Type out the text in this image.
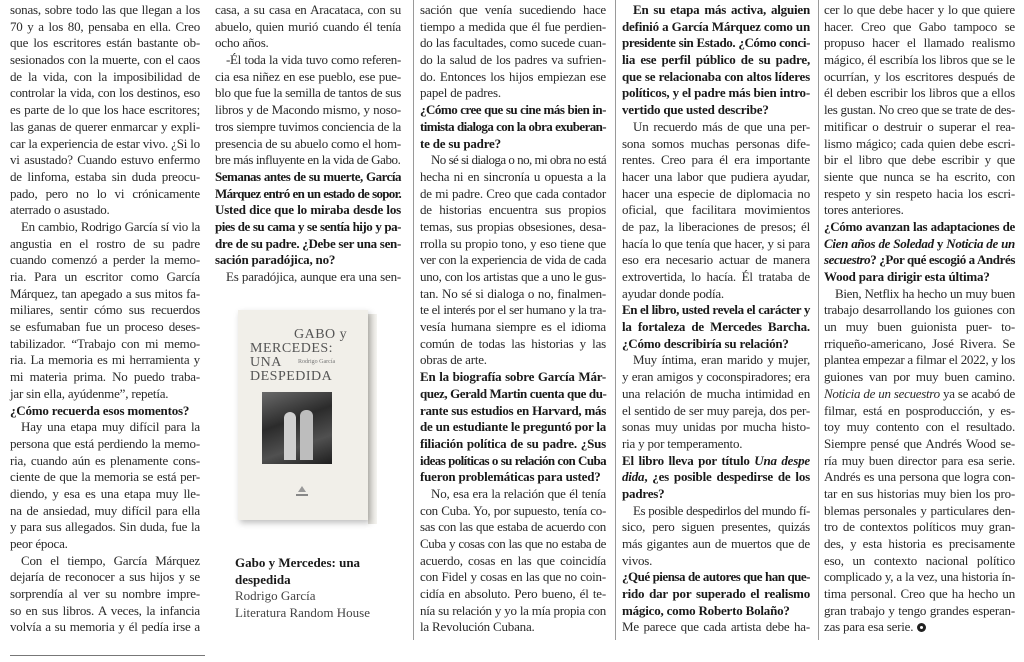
sonas, sobre todo las que llegan a los
70 y a los 80, pensaba en ella. Creo
que los escritores están bastante ob-
sesionados con la muerte, con el caos
de la vida, con la imposibilidad de
controlar la vida, con los destinos, eso
es parte de lo que los hace escritores;
las ganas de querer enmarcar y expli-
car la experiencia de estar vivo. ¿Si lo
vi asustado? Cuando estuvo enfermo
de linfoma, estaba sin duda preocu-
pado, pero no lo vi crónicamente
aterrado o asustado.
En cambio, Rodrigo García sí vio la
angustia en el rostro de su padre
cuando comenzó a perder la memo-
ria. Para un escritor como García
Márquez, tan apegado a sus mitos fa-
miliares, sentir cómo sus recuerdos
se esfumaban fue un proceso deses-
tabilizador. “Trabajo con mi memo-
ria. La memoria es mi herramienta y
mi materia prima. No puedo traba-
jar sin ella, ayúdenme”, repetía.
¿Cómo recuerda esos momentos?
Hay una etapa muy difícil para la
persona que está perdiendo la memo-
ria, cuando aún es plenamente cons-
ciente de que la memoria se está per-
diendo, y esa es una etapa muy lle-
na de ansiedad, muy difícil para ella
y para sus allegados. Sin duda, fue la
peor época.
Con el tiempo, García Márquez
dejaría de reconocer a sus hijos y se
sorprendía al ver su nombre impre-
so en sus libros. A veces, la infancia
volvía a su memoria y él pedía irse a
casa, a su casa en Aracataca, con su
abuelo, quien murió cuando él tenía
ocho años.
-Él toda la vida tuvo como referen-
cia esa niñez en ese pueblo, ese pue-
blo que fue la semilla de tantos de sus
libros y de Macondo mismo, y noso-
tros siempre tuvimos conciencia de la
presencia de su abuelo como el hom-
bre más influyente en la vida de Gabo.
Semanas antes de su muerte, García
Márquez entró en un estado de sopor.
Usted dice que lo miraba desde los
pies de su cama y se sentía hijo y pa-
dre de su padre. ¿Debe ser una sen-
sación paradójica, no?
Es paradójica, aunque era una sen-
sación que venía sucediendo hace
tiempo a medida que él fue perdien-
do las facultades, como sucede cuan-
do la salud de los padres va sufrien-
do. Entonces los hijos empiezan ese
papel de padres.
¿Cómo cree que su cine más bien in-
timista dialoga con la obra exuberan-
te de su padre?
No sé si dialoga o no, mi obra no está
hecha ni en sincronía u opuesta a la
de mi padre. Creo que cada contador
de historias encuentra sus propios
temas, sus propias obsesiones, desa-
rrolla su propio tono, y eso tiene que
ver con la experiencia de vida de cada
uno, con los artistas que a uno le gus-
tan. No sé si dialoga o no, finalmen-
te el interés por el ser humano y la tra-
vesía humana siempre es el idioma
común de todas las historias y las
obras de arte.
En la biografía sobre García Már-
quez, Gerald Martin cuenta que du-
rante sus estudios en Harvard, más
de un estudiante le preguntó por la
filiación política de su padre. ¿Sus
ideas políticas o su relación con Cuba
fueron problemáticas para usted?
No, esa era la relación que él tenía
con Cuba. Yo, por supuesto, tenía co-
sas con las que estaba de acuerdo con
Cuba y cosas con las que no estaba de
acuerdo, cosas en las que coincidía
con Fidel y cosas en las que no coin-
cidía en absoluto. Pero bueno, él te-
nía su relación y yo la mía propia con
la Revolución Cubana.
En su etapa más activa, alguien
definió a García Márquez como un
presidente sin Estado. ¿Cómo conci-
lia ese perfil público de su padre,
que se relacionaba con altos líderes
políticos, y el padre más bien intro-
vertido que usted describe?
Un recuerdo más de que una per-
sona somos muchas personas dife-
rentes. Creo para él era importante
hacer una labor que pudiera ayudar,
hacer una especie de diplomacia no
oficial, que facilitara movimientos
de paz, la liberaciones de presos; él
hacía lo que tenía que hacer, y si para
eso era necesario actuar de manera
extrovertida, lo hacía. Él trataba de
ayudar donde podía.
En el libro, usted revela el carácter y
la fortaleza de Mercedes Barcha.
¿Cómo describiría su relación?
Muy íntima, eran marido y mujer,
y eran amigos y coconspiradores; era
una relación de mucha intimidad en
el sentido de ser muy pareja, dos per-
sonas muy unidas por mucha histo-
ria y por temperamento.
El libro lleva por título Una despe
dida, ¿es posible despedirse de los
padres?
Es posible despedirlos del mundo fí-
sico, pero siguen presentes, quizás
más gigantes aun de muertos que de
vivos.
¿Qué piensa de autores que han que-
rido dar por superado el realismo
mágico, como Roberto Bolaño?
Me parece que cada artista debe ha-
cer lo que debe hacer y lo que quiere
hacer. Creo que Gabo tampoco se
propuso hacer el llamado realismo
mágico, él escribía los libros que se le
ocurrían, y los escritores después de
él deben escribir los libros que a ellos
les gustan. No creo que se trate de des-
mitificar o destruir o superar el rea-
lismo mágico; cada quien debe escri-
bir el libro que debe escribir y que
siente que nunca se ha escrito, con
respeto y sin respeto hacia los escri-
tores anteriores.
¿Cómo avanzan las adaptaciones de
Cien años de Soledad y Noticia de un
secuestro? ¿Por qué escogió a Andrés
Wood para dirigir esta última?
Bien, Netflix ha hecho un muy buen
trabajo desarrollando los guiones con
un muy buen guionista puer- to-
rriqueño-americano, José Rivera. Se
plantea empezar a filmar el 2022, y los
guiones van por muy buen camino.
Noticia de un secuestro ya se acabó de
filmar, está en posproducción, y es-
toy muy contento con el resultado.
Siempre pensé que Andrés Wood se-
ría muy buen director para esa serie.
Andrés es una persona que logra con-
tar en sus historias muy bien los pro-
blemas personales y particulares den-
tro de contextos políticos muy gran-
des, y esta historia es precisamente
eso, un contexto nacional político
complicado y, a la vez, una historia ín-
tima personal. Creo que ha hecho un
gran trabajo y tengo grandes esperan-
zas para esa serie.
GABO y
MERCEDES:
UNA
DESPEDIDA
Rodrigo García
Gabo y Mercedes: una
despedida
Rodrigo García
Literatura Random House
